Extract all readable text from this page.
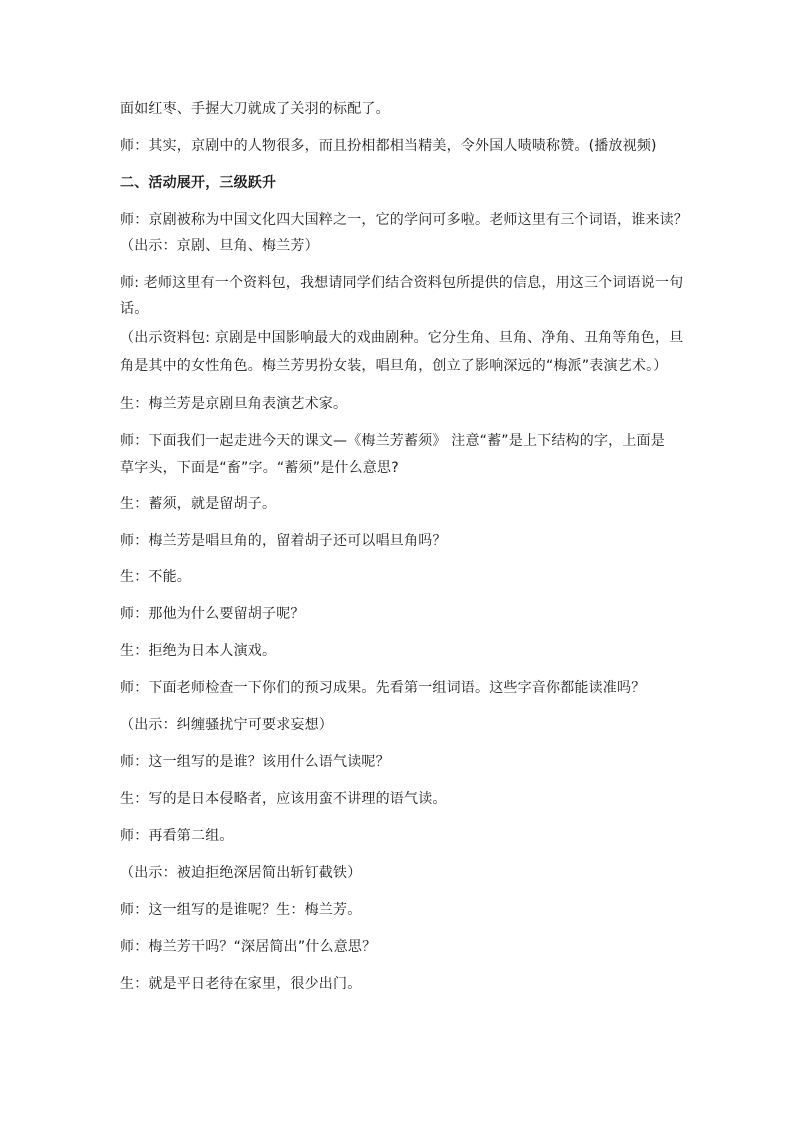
面如红枣、手握大刀就成了关羽的标配了。
师：其实，京剧中的人物很多，而且扮相都相当精美，令外国人啧啧称赞。(播放视频)
二、活动展开，三级跃升
师：京剧被称为中国文化四大国粹之一，它的学问可多啦。老师这里有三个词语，谁来读？
（出示：京剧、旦角、梅兰芳）
师: 老师这里有一个资料包，我想请同学们结合资料包所提供的信息，用这三个词语说一句
话。
（出示资料包: 京剧是中国影响最大的戏曲剧种。它分生角、旦角、净角、丑角等角色，旦
角是其中的女性角色。梅兰芳男扮女装，唱旦角，创立了影响深远的“梅派”表演艺术。）
生：梅兰芳是京剧旦角表演艺术家。
师：下面我们一起走进今天的课文—《梅兰芳蓄须》 注意“蓄”是上下结构的字，上面是
草字头，下面是“畜”字。“蓄须”是什么意思?
生：蓄须，就是留胡子。
师：梅兰芳是唱旦角的，留着胡子还可以唱旦角吗？
生：不能。
师：那他为什么要留胡子呢？
生：拒绝为日本人演戏。
师：下面老师检查一下你们的预习成果。先看第一组词语。这些字音你都能读准吗？
（出示：纠缠骚扰宁可要求妄想）
师：这一组写的是谁？该用什么语气读呢？
生：写的是日本侵略者，应该用蛮不讲理的语气读。
师：再看第二组。
（出示：被迫拒绝深居简出斩钉截铁）
师：这一组写的是谁呢？生：梅兰芳。
师：梅兰芳干吗？“深居简出”什么意思？
生：就是平日老待在家里，很少出门。
